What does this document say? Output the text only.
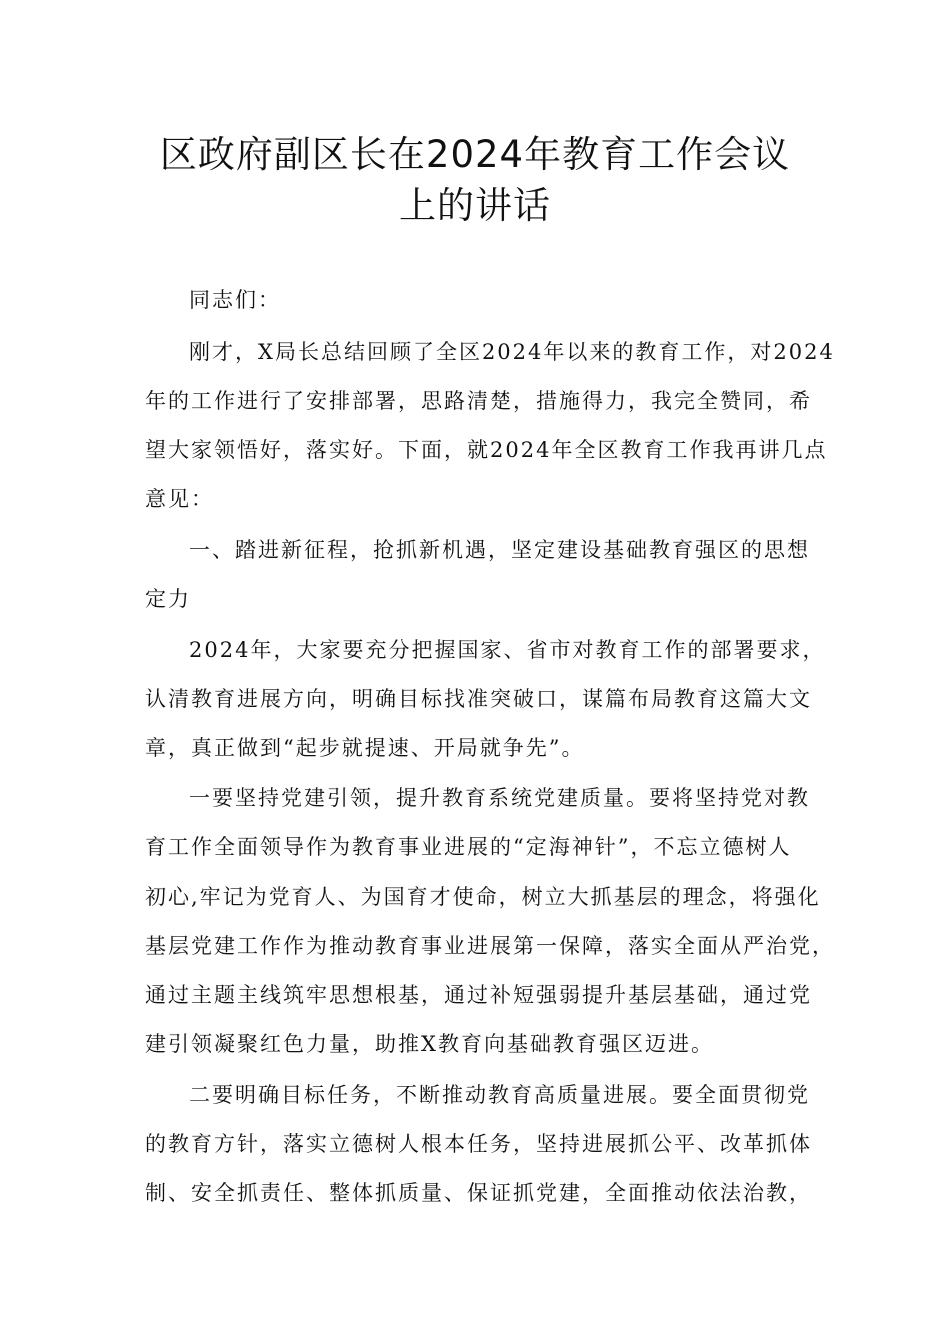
区政府副区长在2024年教育工作会议
上的讲话

同志们：

刚才，X局长总结回顾了全区2024年以来的教育工作，对2024

年的工作进行了安排部署，思路清楚，措施得力，我完全赞同，希

望大家领悟好，落实好。下面，就2024年全区教育工作我再讲几点

意见：

一、踏进新征程，抢抓新机遇，坚定建设基础教育强区的思想

定力

2024年，大家要充分把握国家、省市对教育工作的部署要求，

认清教育进展方向，明确目标找准突破口，谋篇布局教育这篇大文

章，真正做到“起步就提速、开局就争先”。

一要坚持党建引领，提升教育系统党建质量。要将坚持党对教

育工作全面领导作为教育事业进展的“定海神针”，不忘立德树人

初心,牢记为党育人、为国育才使命，树立大抓基层的理念，将强化

基层党建工作作为推动教育事业进展第一保障，落实全面从严治党，

通过主题主线筑牢思想根基，通过补短强弱提升基层基础，通过党

建引领凝聚红色力量，助推X教育向基础教育强区迈进。

二要明确目标任务，不断推动教育高质量进展。要全面贯彻党

的教育方针，落实立德树人根本任务，坚持进展抓公平、改革抓体

制、安全抓责任、整体抓质量、保证抓党建，全面推动依法治教，
